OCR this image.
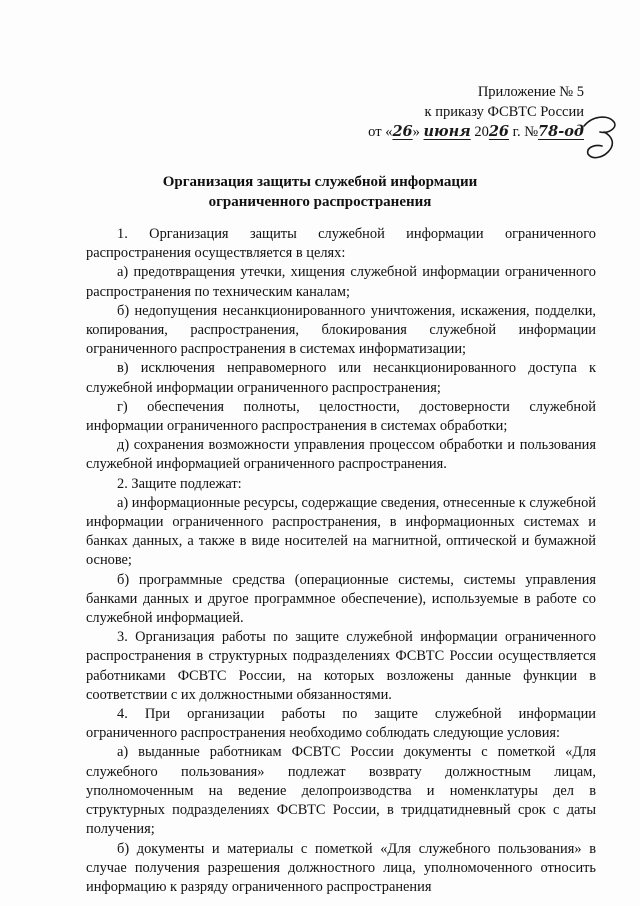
Приложение № 5
к приказу ФСВТС России
от «26» июня 2026 г. №78-од
Организация защиты служебной информации
ограниченного распространения

1. Организация защиты служебной информации ограниченного распространения осуществляется в целях:

а) предотвращения утечки, хищения служебной информации ограниченного распространения по техническим каналам;

б) недопущения несанкционированного уничтожения, искажения, подделки, копирования, распространения, блокирования служебной информации ограниченного распространения в системах информатизации;

в) исключения неправомерного или несанкционированного доступа к служебной информации ограниченного распространения;

г) обеспечения полноты, целостности, достоверности служебной информации ограниченного распространения в системах обработки;

д) сохранения возможности управления процессом обработки и пользования служебной информацией ограниченного распространения.

2. Защите подлежат:

а) информационные ресурсы, содержащие сведения, отнесенные к служебной информации ограниченного распространения, в информационных системах и банках данных, а также в виде носителей на магнитной, оптической и бумажной основе;

б) программные средства (операционные системы, системы управления банками данных и другое программное обеспечение), используемые в работе со служебной информацией.

3. Организация работы по защите служебной информации ограниченного распространения в структурных подразделениях ФСВТС России осуществляется работниками ФСВТС России, на которых возложены данные функции в соответствии с их должностными обязанностями.

4. При организации работы по защите служебной информации ограниченного распространения необходимо соблюдать следующие условия:

а) выданные работникам ФСВТС России документы с пометкой «Для служебного пользования» подлежат возврату должностным лицам, уполномоченным на ведение делопроизводства и номенклатуры дел в структурных подразделениях ФСВТС России, в тридцатидневный срок с даты получения;

б) документы и материалы с пометкой «Для служебного пользования» в случае получения разрешения должностного лица, уполномоченного относить информацию к разряду ограниченного распространения
